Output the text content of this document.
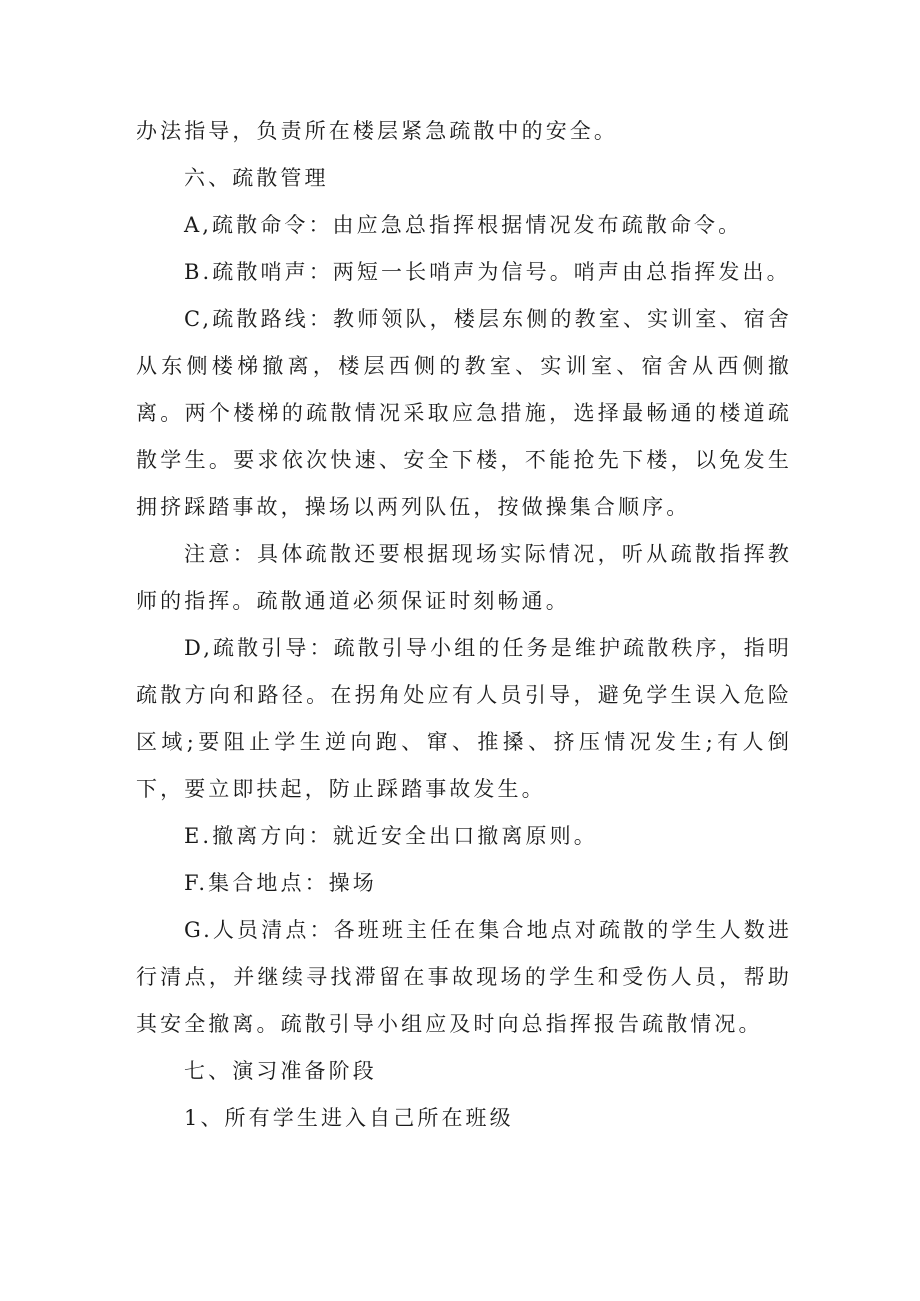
办法指导，负责所在楼层紧急疏散中的安全。

六、疏散管理

A,疏散命令：由应急总指挥根据情况发布疏散命令。

B.疏散哨声：两短一长哨声为信号。哨声由总指挥发出。

C,疏散路线：教师领队，楼层东侧的教室、实训室、宿舍从东侧楼梯撤离，楼层西侧的教室、实训室、宿舍从西侧撤离。两个楼梯的疏散情况采取应急措施，选择最畅通的楼道疏散学生。要求依次快速、安全下楼，不能抢先下楼，以免发生拥挤踩踏事故，操场以两列队伍，按做操集合顺序。

注意：具体疏散还要根据现场实际情况，听从疏散指挥教师的指挥。疏散通道必须保证时刻畅通。

D,疏散引导：疏散引导小组的任务是维护疏散秩序，指明疏散方向和路径。在拐角处应有人员引导，避免学生误入危险区域;要阻止学生逆向跑、窜、推搡、挤压情况发生;有人倒下，要立即扶起，防止踩踏事故发生。

E.撤离方向：就近安全出口撤离原则。

F.集合地点：操场

G.人员清点：各班班主任在集合地点对疏散的学生人数进行清点，并继续寻找滞留在事故现场的学生和受伤人员，帮助其安全撤离。疏散引导小组应及时向总指挥报告疏散情况。

七、演习准备阶段

1、所有学生进入自己所在班级
